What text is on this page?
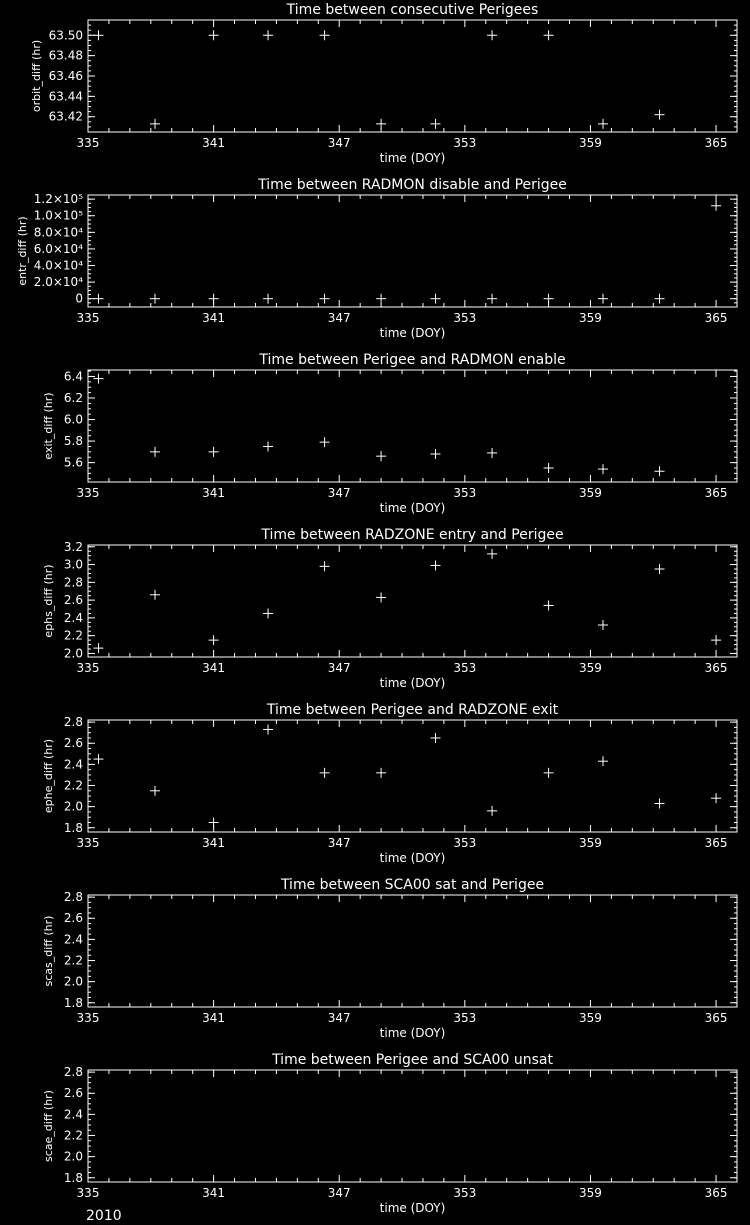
Time between consecutive Perigees
335	341	347	353	359	365
time (DOY)
63.42
63.44
63.46
63.48
63.50
orbit_diff (hr)
Time between RADMON disable and Perigee
335	341	347	353	359	365
time (DOY)
0
2.0×10⁴
4.0×10⁴
6.0×10⁴
8.0×10⁴
1.0×10⁵
1.2×10⁵
entr_diff (hr)
Time between Perigee and RADMON enable
335	341	347	353	359	365
time (DOY)
5.6
5.8
6.0
6.2
6.4
exit_diff (hr)
Time between RADZONE entry and Perigee
335	341	347	353	359	365
time (DOY)
2.0
2.2
2.4
2.6
2.8
3.0
3.2
ephs_diff (hr)
Time between Perigee and RADZONE exit
335	341	347	353	359	365
time (DOY)
1.8
2.0
2.2
2.4
2.6
2.8
ephe_diff (hr)
Time between SCA00 sat and Perigee
335	341	347	353	359	365
time (DOY)
1.8
2.0
2.2
2.4
2.6
2.8
scas_diff (hr)
Time between Perigee and SCA00 unsat
335	341	347	353	359	365
time (DOY)
1.8
2.0
2.2
2.4
2.6
2.8
scae_diff (hr)
2010
